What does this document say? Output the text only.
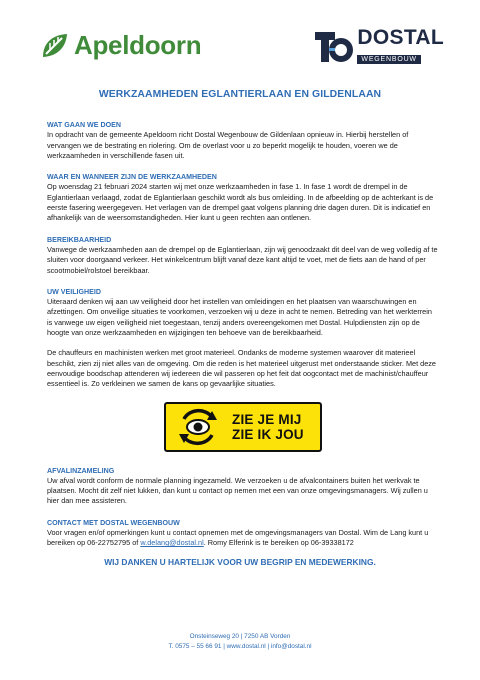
Apeldoorn	DOSTAL
WEGENBOUW
WERKZAAMHEDEN EGLANTIERLAAN EN GILDENLAAN

WAT GAAN WE DOEN

In opdracht van de gemeente Apeldoorn richt Dostal Wegenbouw de Gildenlaan opnieuw in. Hierbij herstellen of vervangen we de bestrating en riolering. Om de overlast voor u zo beperkt mogelijk te houden, voeren we de werkzaamheden in verschillende fasen uit.

WAAR EN WANNEER ZIJN DE WERKZAAMHEDEN

Op woensdag 21 februari 2024 starten wij met onze werkzaamheden in fase 1. In fase 1 wordt de drempel in de Eglantierlaan verlaagd, zodat de Eglantierlaan geschikt wordt als bus omleiding. In de afbeelding op de achterkant is de eerste fasering weergegeven. Het verlagen van de drempel gaat volgens planning drie dagen duren. Dit is indicatief en afhankelijk van de weersomstandigheden. Hier kunt u geen rechten aan ontlenen.

BEREIKBAARHEID

Vanwege de werkzaamheden aan de drempel op de Eglantierlaan, zijn wij genoodzaakt dit deel van de weg volledig af te sluiten voor doorgaand verkeer. Het winkelcentrum blijft vanaf deze kant altijd te voet, met de fiets aan de hand of per scootmobiel/rolstoel bereikbaar.

UW VEILIGHEID

Uiteraard denken wij aan uw veiligheid door het instellen van omleidingen en het plaatsen van waarschuwingen en afzettingen. Om onveilige situaties te voorkomen, verzoeken wij u deze in acht te nemen. Betreding van het werkterrein is vanwege uw eigen veiligheid niet toegestaan, tenzij anders overeengekomen met Dostal. Hulpdiensten zijn op de hoogte van onze werkzaamheden en wijzigingen ten behoeve van de bereikbaarheid.

De chauffeurs en machinisten werken met groot materieel. Ondanks de moderne systemen waarover dit materieel beschikt, zien zij niet alles van de omgeving. Om die reden is het materieel uitgerust met onderstaande sticker. Met deze eenvoudige boodschap attenderen wij iedereen die wil passeren op het feit dat oogcontact met de machinist/chauffeur essentieel is. Zo verkleinen we samen de kans op gevaarlijke situaties.

ZIE JE MIJ
ZIE IK JOU

AFVALINZAMELING

Uw afval wordt conform de normale planning ingezameld. We verzoeken u de afvalcontainers buiten het werkvak te plaatsen. Mocht dit zelf niet lukken, dan kunt u contact op nemen met een van onze omgevingsmanagers. Wij zullen u hier dan mee assisteren.

CONTACT MET DOSTAL WEGENBOUW

Voor vragen en/of opmerkingen kunt u contact opnemen met de omgevingsmanagers van Dostal. Wim de Lang kunt u bereiken op 06-22752795 of w.delang@dostal.nl. Romy Elferink is te bereiken op 06-39338172

WIJ DANKEN U HARTELIJK VOOR UW BEGRIP EN MEDEWERKING.
Onsteinseweg 20 | 7250 AB Vorden
T. 0575 – 55 66 91 | www.dostal.nl | info@dostal.nl
